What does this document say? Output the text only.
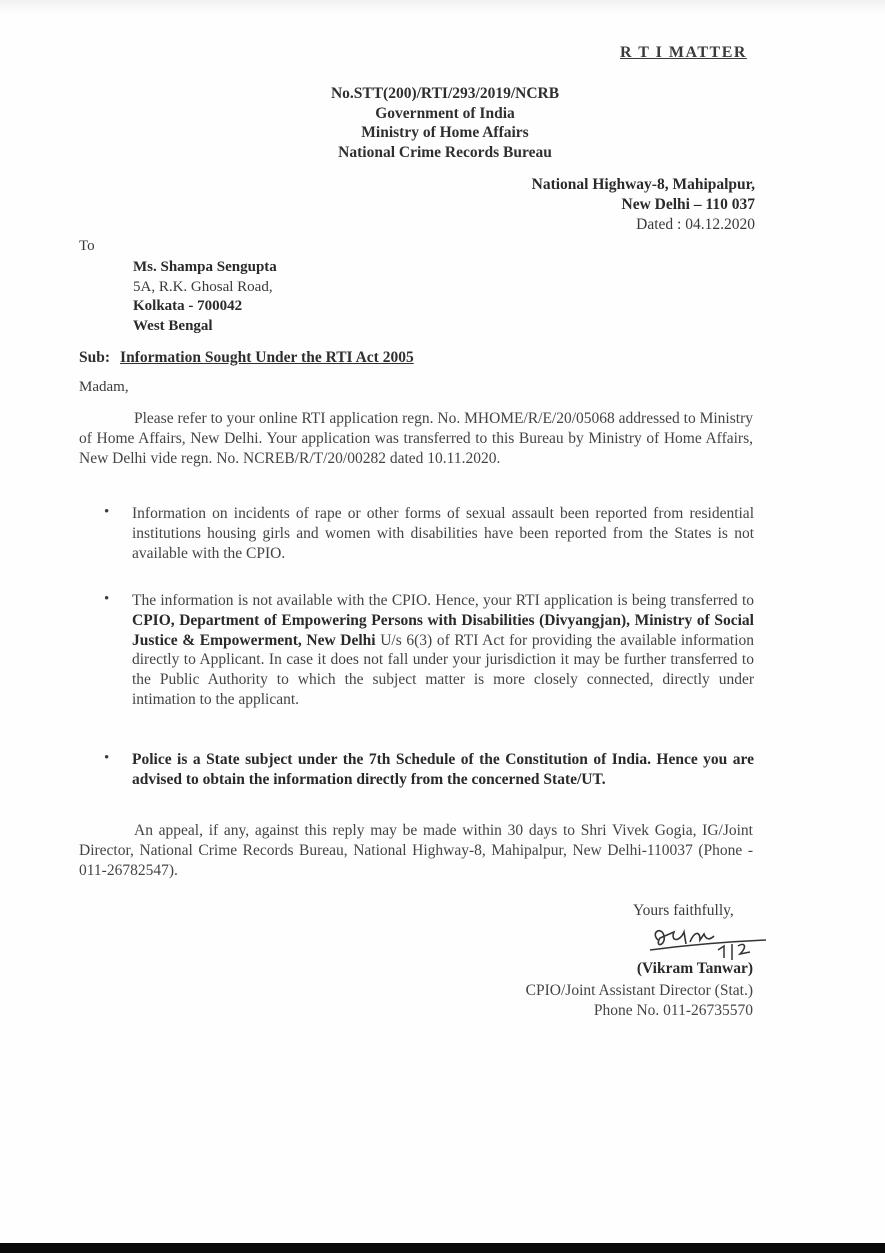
R T I MATTER

No.STT(200)/RTI/293/2019/NCRB
Government of India
Ministry of Home Affairs
National Crime Records Bureau
National Highway-8, Mahipalpur,
New Delhi – 110 037
Dated : 04.12.2020

To

Ms. Shampa Sengupta
5A, R.K. Ghosal Road,
Kolkata - 700042
West Bengal

Sub: Information Sought Under the RTI Act 2005

Madam,

Please refer to your online RTI application regn. No. MHOME/R/E/20/05068 addressed to Ministry of Home Affairs, New Delhi. Your application was transferred to this Bureau by Ministry of Home Affairs, New Delhi vide regn. No. NCREB/R/T/20/00282 dated 10.11.2020.

• Information on incidents of rape or other forms of sexual assault been reported from residential institutions housing girls and women with disabilities have been reported from the States is not available with the CPIO.

• The information is not available with the CPIO. Hence, your RTI application is being transferred to CPIO, Department of Empowering Persons with Disabilities (Divyangjan), Ministry of Social Justice & Empowerment, New Delhi U/s 6(3) of RTI Act for providing the available information directly to Applicant. In case it does not fall under your jurisdiction it may be further transferred to the Public Authority to which the subject matter is more closely connected, directly under intimation to the applicant.

• Police is a State subject under the 7th Schedule of the Constitution of India. Hence you are advised to obtain the information directly from the concerned State/UT.

An appeal, if any, against this reply may be made within 30 days to Shri Vivek Gogia, IG/Joint Director, National Crime Records Bureau, National Highway-8, Mahipalpur, New Delhi-110037 (Phone - 011-26782547).

Yours faithfully,

(Vikram Tanwar)

CPIO/Joint Assistant Director (Stat.)
Phone No. 011-26735570
